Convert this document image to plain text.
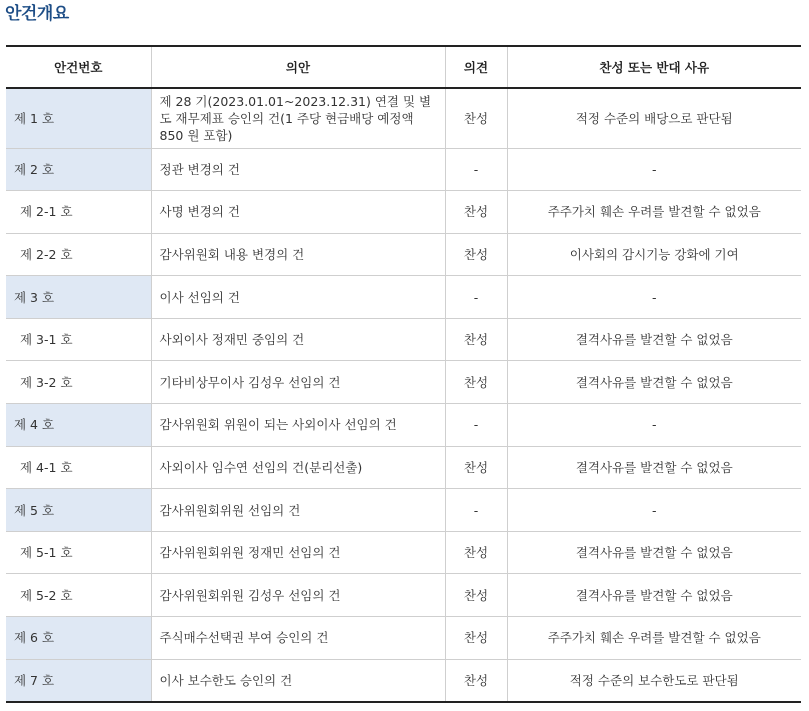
안건개요
안건번호	의안	의견	찬성 또는 반대 사유
제 1 호	제 28 기(2023.01.01~2023.12.31) 연결 및 별도 재무제표 승인의 건(1 주당 현금배당 예정액 850 원 포함)	찬성	적정 수준의 배당으로 판단됨
제 2 호	정관 변경의 건	-	-
제 2-1 호	사명 변경의 건	찬성	주주가치 훼손 우려를 발견할 수 없었음
제 2-2 호	감사위원회 내용 변경의 건	찬성	이사회의 감시기능 강화에 기여
제 3 호	이사 선임의 건	-	-
제 3-1 호	사외이사 정재민 중임의 건	찬성	결격사유를 발견할 수 없었음
제 3-2 호	기타비상무이사 김성우 선임의 건	찬성	결격사유를 발견할 수 없었음
제 4 호	감사위원회 위원이 되는 사외이사 선임의 건	-	-
제 4-1 호	사외이사 임수연 선임의 건(분리선출)	찬성	결격사유를 발견할 수 없었음
제 5 호	감사위원회위원 선임의 건	-	-
제 5-1 호	감사위원회위원 정재민 선임의 건	찬성	결격사유를 발견할 수 없었음
제 5-2 호	감사위원회위원 김성우 선임의 건	찬성	결격사유를 발견할 수 없었음
제 6 호	주식매수선택권 부여 승인의 건	찬성	주주가치 훼손 우려를 발견할 수 없었음
제 7 호	이사 보수한도 승인의 건	찬성	적정 수준의 보수한도로 판단됨
